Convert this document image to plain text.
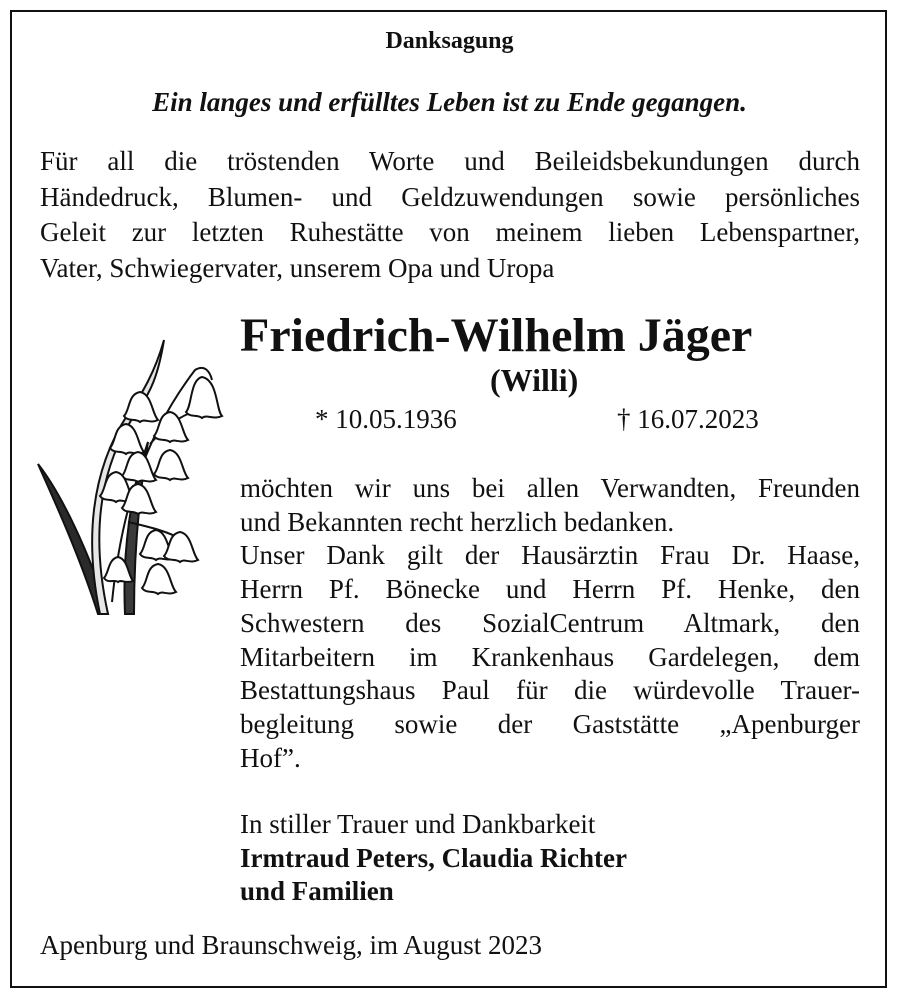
Danksagung
Ein langes und erfülltes Leben ist zu Ende gegangen.
Für all die tröstenden Worte und Beileidsbekundungen durch
Händedruck, Blumen- und Geldzuwendungen sowie persönliches
Geleit zur letzten Ruhestätte von meinem lieben Lebenspartner,
Vater, Schwiegervater, unserem Opa und Uropa
Friedrich-Wilhelm Jäger
(Willi)
* 10.05.1936	† 16.07.2023
möchten wir uns bei allen Verwandten, Freunden
und Bekannten recht herzlich bedanken.
Unser Dank gilt der Hausärztin Frau Dr. Haase,
Herrn Pf. Bönecke und Herrn Pf. Henke, den
Schwestern des SozialCentrum Altmark, den
Mitarbeitern im Krankenhaus Gardelegen, dem
Bestattungshaus Paul für die würdevolle Trauer-
begleitung sowie der Gaststätte „Apenburger
Hof”.
In stiller Trauer und Dankbarkeit
Irmtraud Peters, Claudia Richter
und Familien
Apenburg und Braunschweig, im August 2023
